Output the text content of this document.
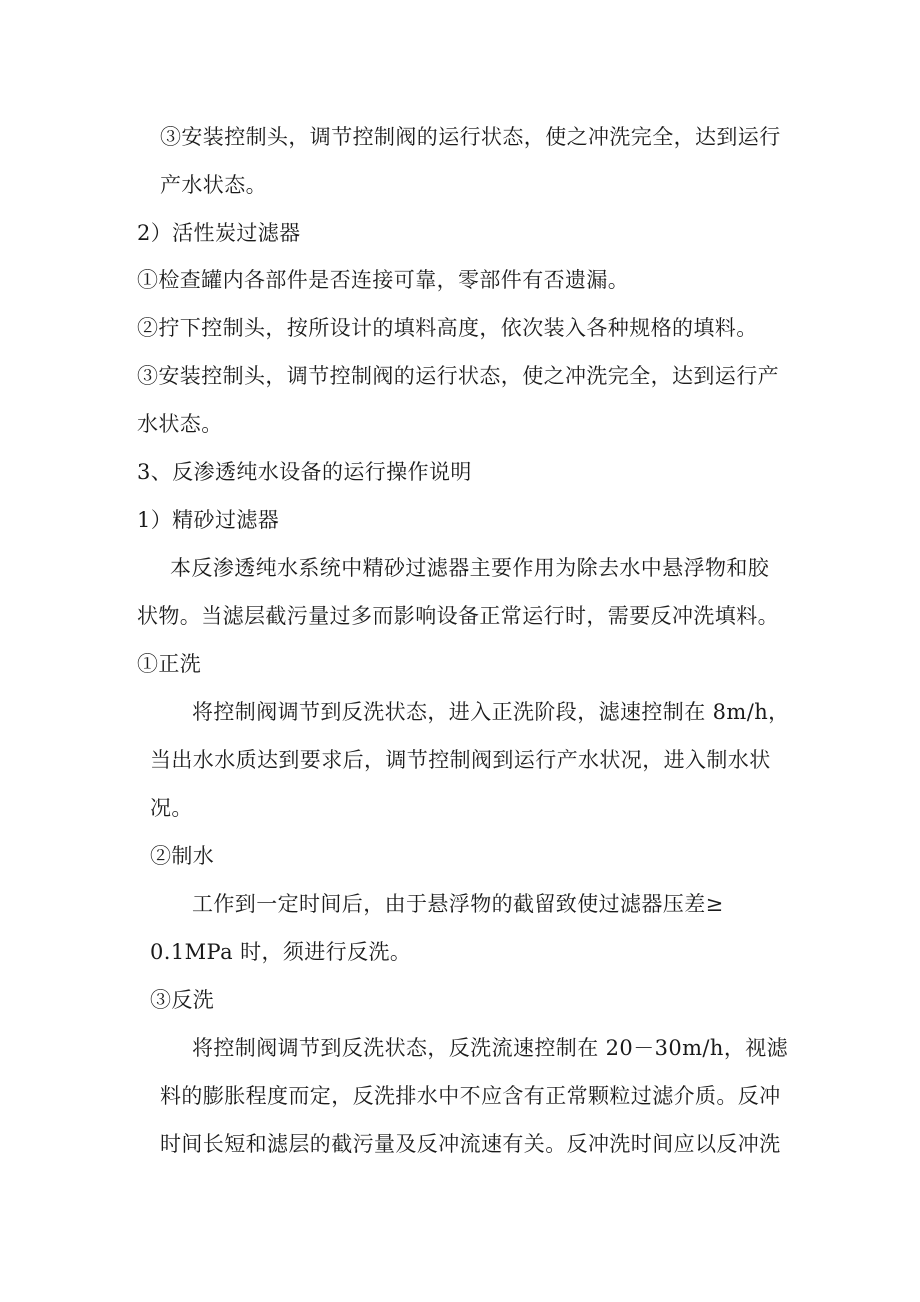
③安装控制头，调节控制阀的运行状态，使之冲洗完全，达到运行
产水状态。
2）活性炭过滤器
①检查罐内各部件是否连接可靠，零部件有否遗漏。
②拧下控制头，按所设计的填料高度，依次装入各种规格的填料。
③安装控制头，调节控制阀的运行状态，使之冲洗完全，达到运行产
水状态。
3、反渗透纯水设备的运行操作说明
1）精砂过滤器
本反渗透纯水系统中精砂过滤器主要作用为除去水中悬浮物和胶
状物。当滤层截污量过多而影响设备正常运行时，需要反冲洗填料。
①正洗
将控制阀调节到反洗状态，进入正洗阶段，滤速控制在 8m/h，
当出水水质达到要求后，调节控制阀到运行产水状况，进入制水状
况。
②制水
工作到一定时间后，由于悬浮物的截留致使过滤器压差≥
0.1MPa 时，须进行反洗。
③反洗
将控制阀调节到反洗状态，反洗流速控制在 20－30m/h，视滤
料的膨胀程度而定，反洗排水中不应含有正常颗粒过滤介质。反冲
时间长短和滤层的截污量及反冲流速有关。反冲洗时间应以反冲洗
